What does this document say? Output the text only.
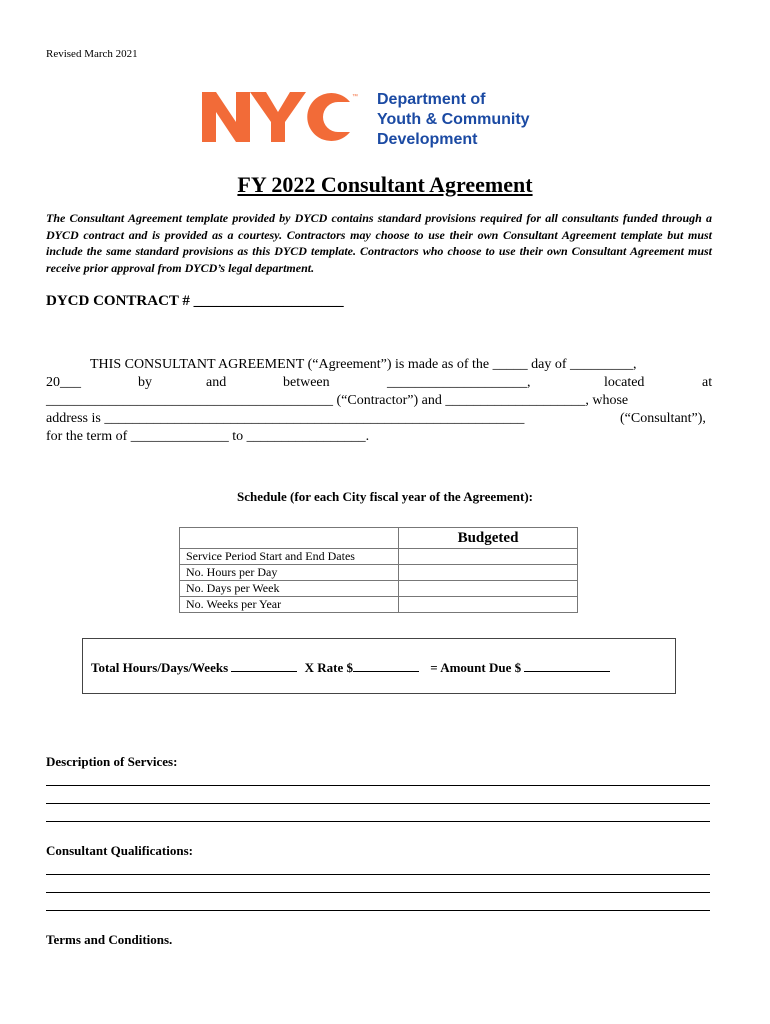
Revised March 2021
™ Department of
Youth & Community
Development
FY 2022 Consultant Agreement
The Consultant Agreement template provided by DYCD contains standard provisions required for all consultants funded through a DYCD contract and is provided as a courtesy. Contractors may choose to use their own Consultant Agreement template but must include the same standard provisions as this DYCD template. Contractors who choose to use their own Consultant Agreement must receive prior approval from DYCD’s legal department.
DYCD CONTRACT # ____________________
THIS CONSULTANT AGREEMENT (“Agreement”) is made as of the _____ day of _________,
20___	by	and	between	____________________,	located	at
_________________________________________ (“Contractor”) and ____________________, whose
address is ____________________________________________________________	(“Consultant”),
for the term of ______________ to _________________.
Schedule (for each City fiscal year of the Agreement):
	Budgeted
Service Period Start and End Dates	
No. Hours per Day	
No. Days per Week	
No. Weeks per Year	
Total Hours/Days/Weeks	X Rate $	= Amount Due $
Description of Services:
Consultant Qualifications:
Terms and Conditions.
